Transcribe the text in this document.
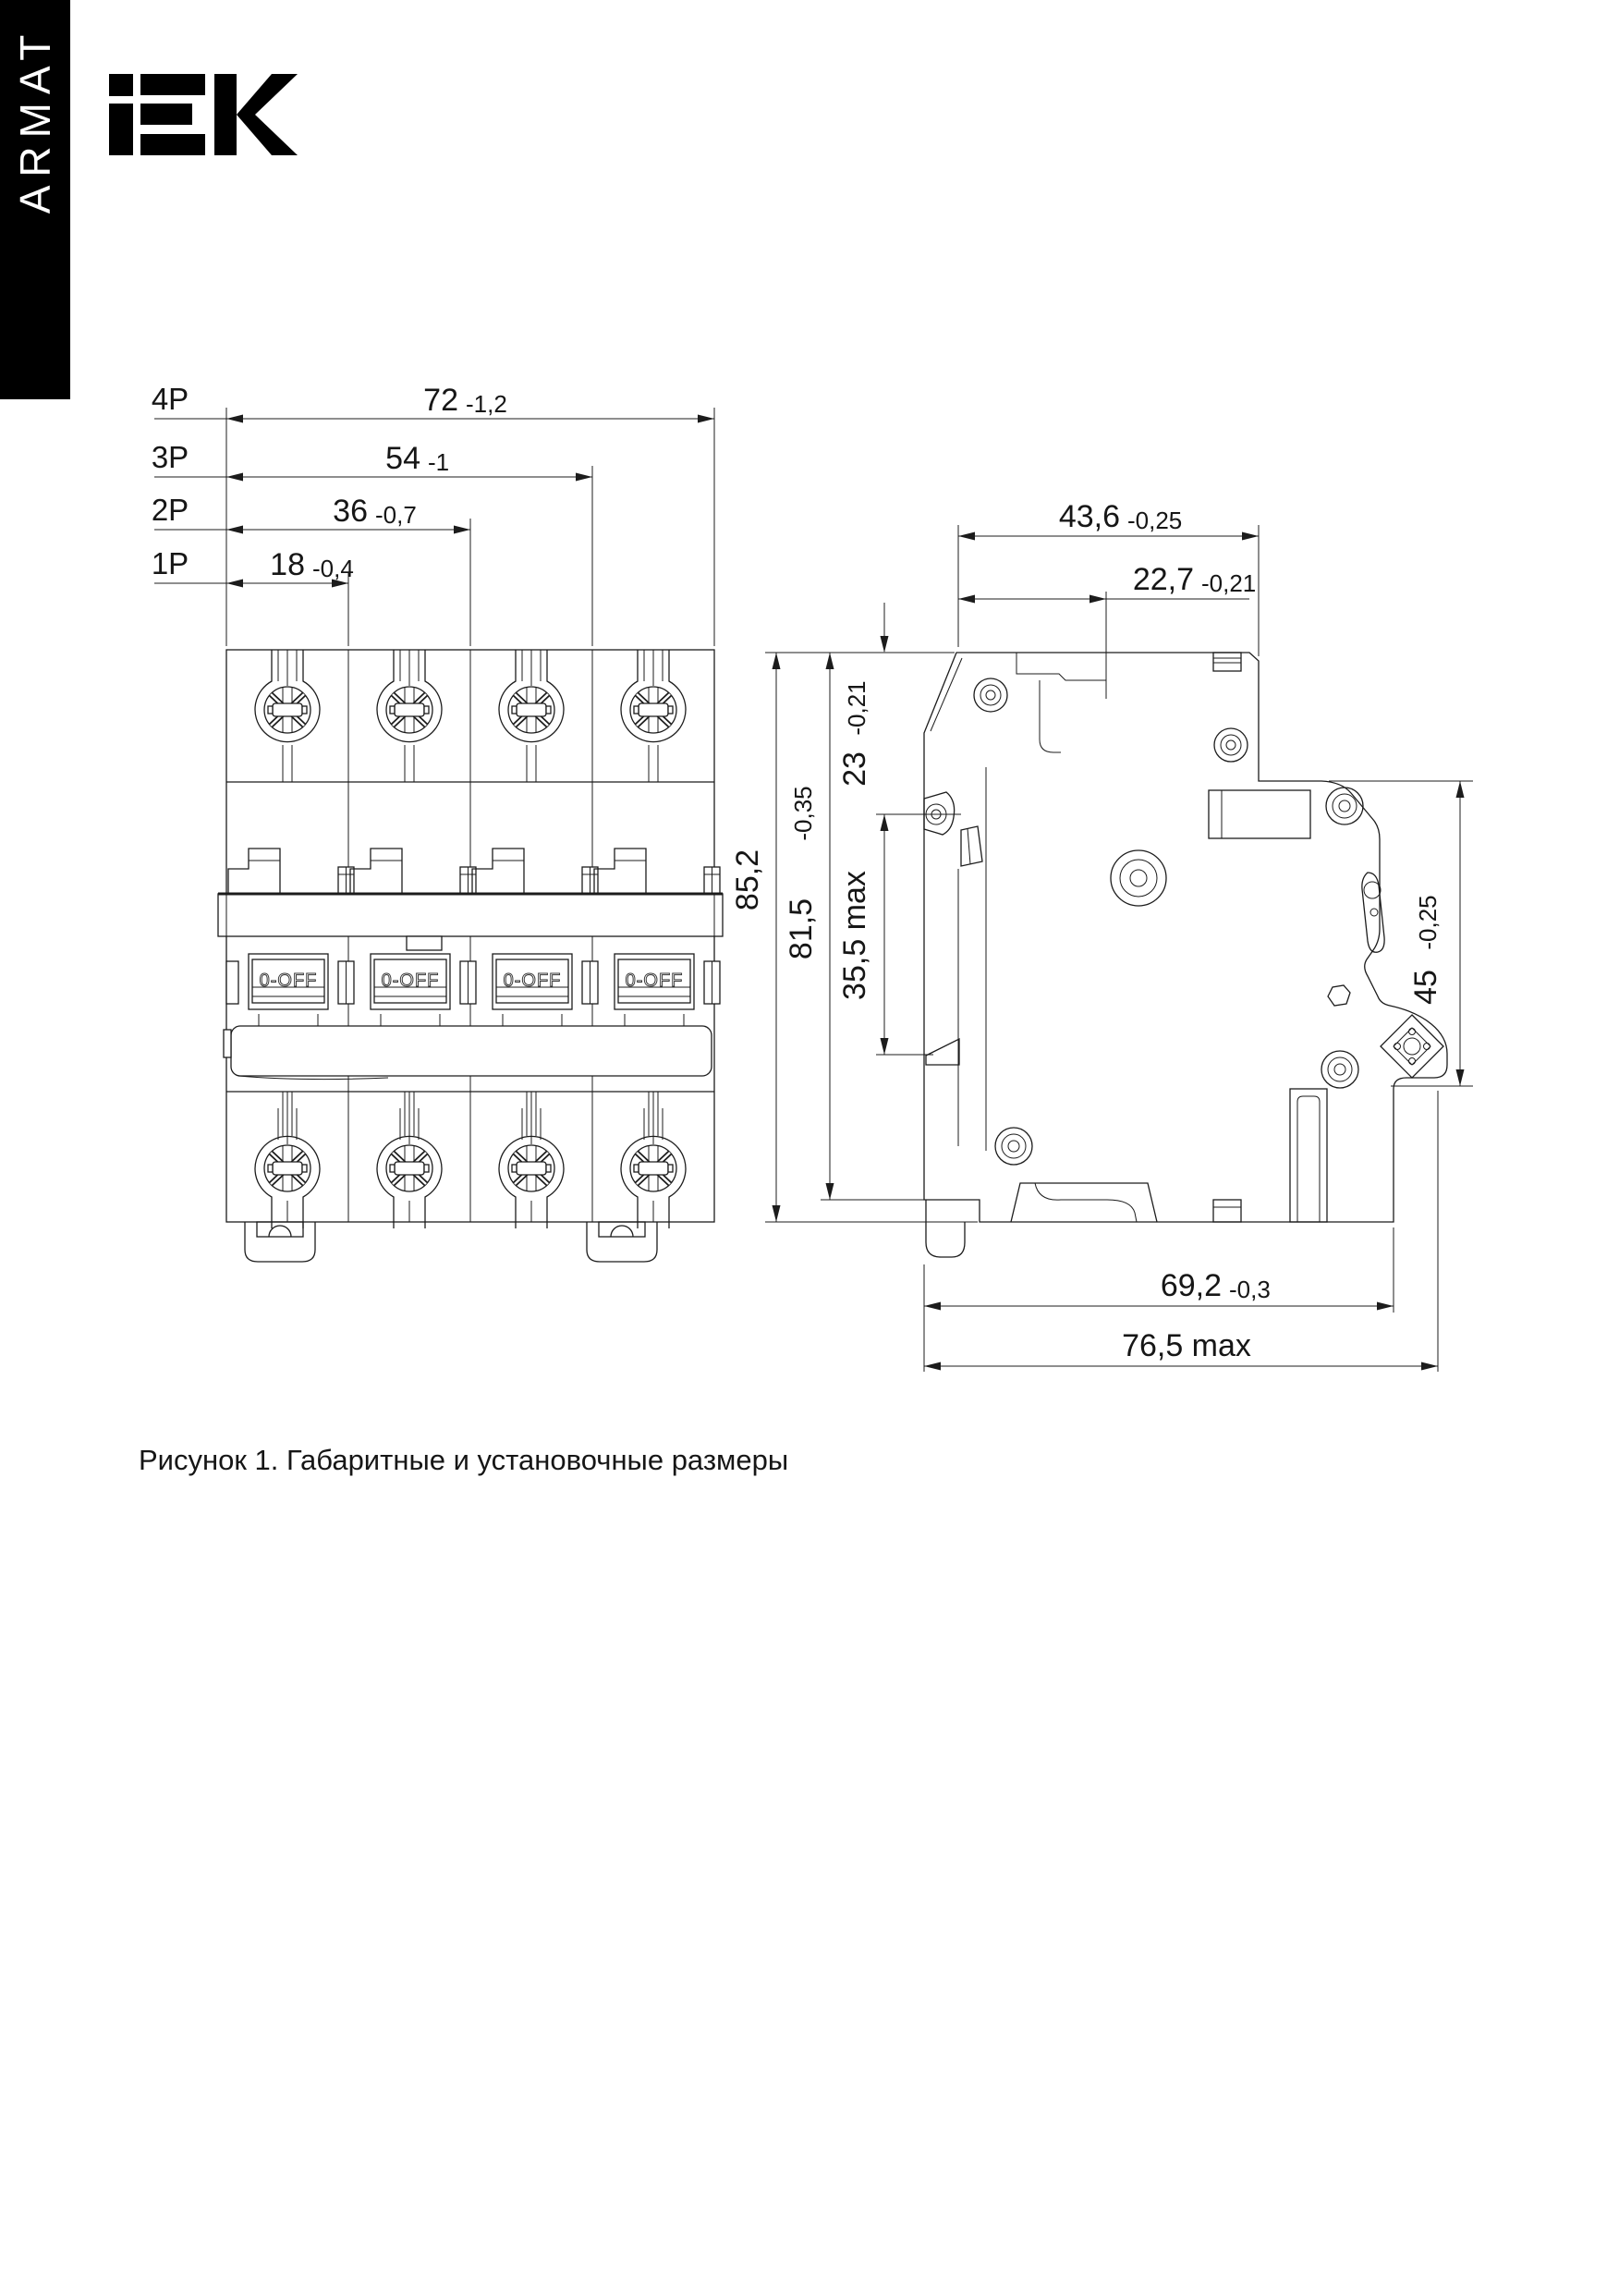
ARMAT
0-OFF	0-OFF	0-OFF	0-OFF
4P	72 -1,2
3P	54 -1
2P	36 -0,7
1P	18 -0,4
43,6 -0,25
22,7 -0,21
23
-0,21
35,5 max
81,5
-0,35
85,2
45
-0,25
69,2 -0,3
76,5 max
Рисунок 1. Габаритные и установочные размеры
